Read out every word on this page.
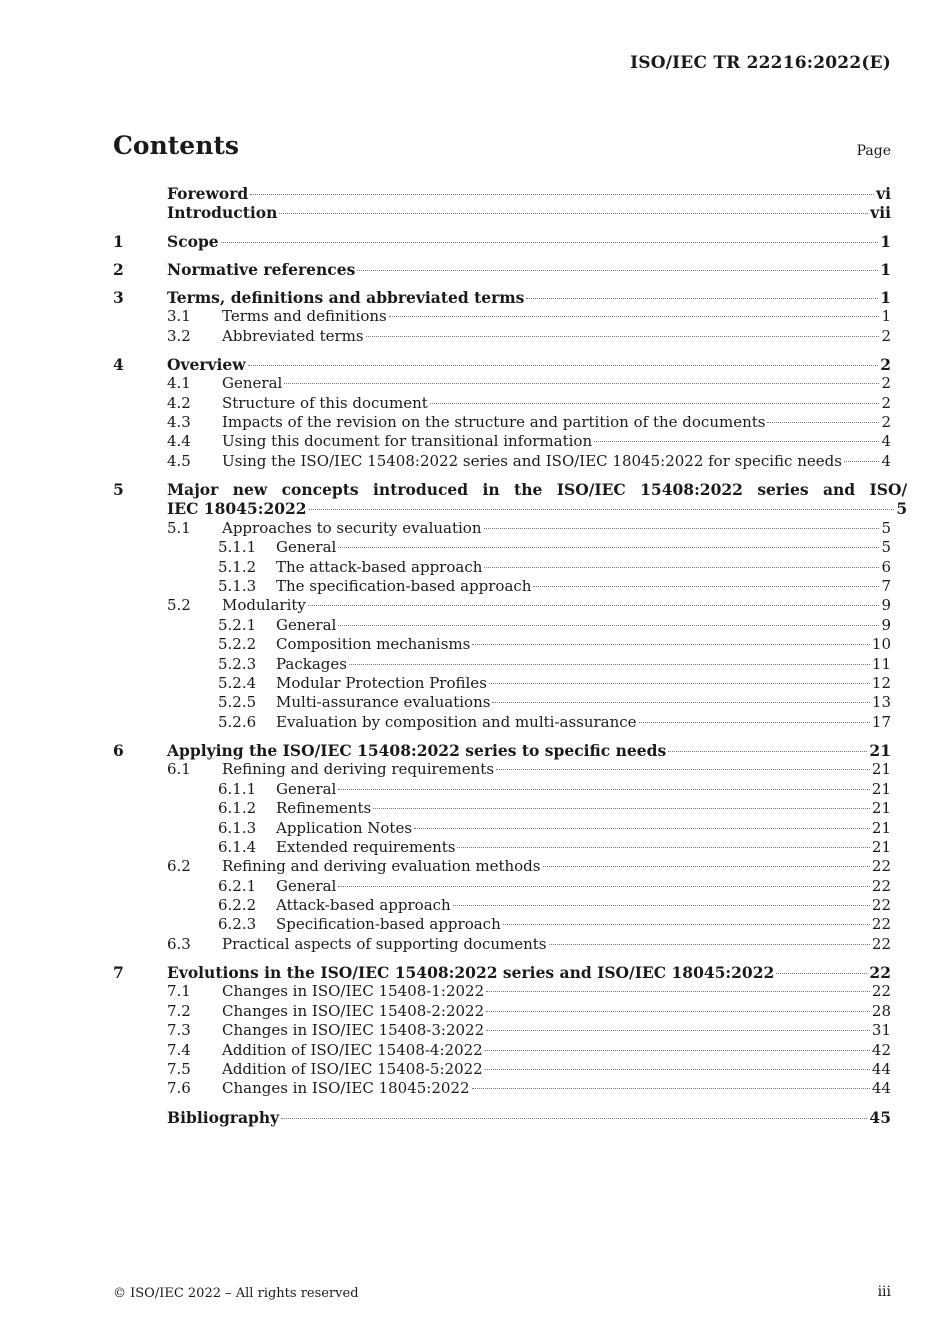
ISO/IEC TR 22216:2022(E)
Contents	Page
Foreword	vi
Introduction	vii
1	Scope	1
2	Normative references	1
3	Terms, definitions and abbreviated terms	1
3.1	Terms and definitions	1
3.2	Abbreviated terms	2
4	Overview	2
4.1	General	2
4.2	Structure of this document	2
4.3	Impacts of the revision on the structure and partition of the documents	2
4.4	Using this document for transitional information	4
4.5	Using the ISO/IEC 15408:2022 series and ISO/IEC 18045:2022 for specific needs	4
5	Major new concepts introduced in the ISO/IEC 15408:2022 series and ISO/
IEC 18045:2022	5
5.1	Approaches to security evaluation	5
5.1.1	General	5
5.1.2	The attack-based approach	6
5.1.3	The specification-based approach	7
5.2	Modularity	9
5.2.1	General	9
5.2.2	Composition mechanisms	10
5.2.3	Packages	11
5.2.4	Modular Protection Profiles	12
5.2.5	Multi-assurance evaluations	13
5.2.6	Evaluation by composition and multi-assurance	17
6	Applying the ISO/IEC 15408:2022 series to specific needs	21
6.1	Refining and deriving requirements	21
6.1.1	General	21
6.1.2	Refinements	21
6.1.3	Application Notes	21
6.1.4	Extended requirements	21
6.2	Refining and deriving evaluation methods	22
6.2.1	General	22
6.2.2	Attack-based approach	22
6.2.3	Specification-based approach	22
6.3	Practical aspects of supporting documents	22
7	Evolutions in the ISO/IEC 15408:2022 series and ISO/IEC 18045:2022	22
7.1	Changes in ISO/IEC 15408-1:2022	22
7.2	Changes in ISO/IEC 15408-2:2022	28
7.3	Changes in ISO/IEC 15408-3:2022	31
7.4	Addition of ISO/IEC 15408-4:2022	42
7.5	Addition of ISO/IEC 15408-5:2022	44
7.6	Changes in ISO/IEC 18045:2022	44
Bibliography	45
© ISO/IEC 2022 – All rights reserved	iii
